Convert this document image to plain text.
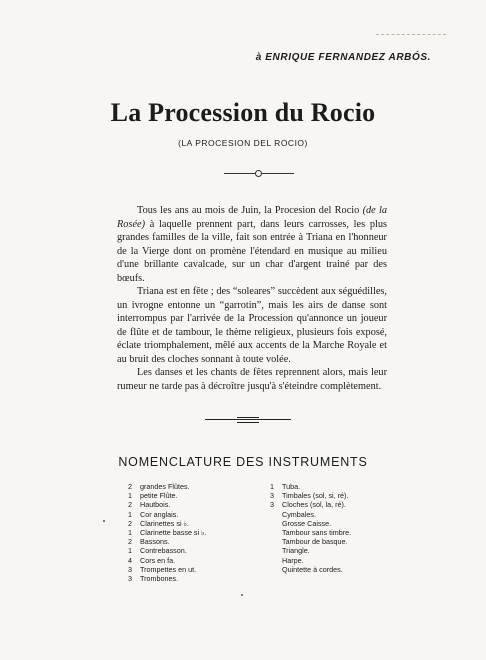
à ENRIQUE FERNANDEZ ARBÓS.
La Procession du Rocio
(LA PROCESION DEL ROCIO)

Tous les ans au mois de Juin, la Procesion del Rocio (de la Rosée) à laquelle prennent part, dans leurs carrosses, les plus grandes familles de la ville, fait son entrée à Triana en l'honneur de la Vierge dont on promène l'étendard en musique au milieu d'une brillante cavalcade, sur un char d'argent trainé par des bœufs.

Triana est en fête ; des “soleares” succèdent aux séguédilles, un ivrogne entonne un “garrotin”, mais les airs de danse sont interrompus par l'arrivée de la Procession qu'annonce un joueur de flûte et de tambour, le thème religieux, plusieurs fois exposé, éclate triomphalement, mêlé aux accents de la Marche Royale et au bruit des cloches sonnant à toute volée.

Les danses et les chants de fêtes reprennent alors, mais leur rumeur ne tarde pas à décroître jusqu'à s'éteindre complètement.

NOMENCLATURE DES INSTRUMENTS
2 grandes Flûtes.
1 petite Flûte.
2 Hautbois.
1 Cor anglais.
2 Clarinettes si ♭.
1 Clarinette basse si ♭.
2 Bassons.
1 Contrebasson.
4 Cors en fa.
3 Trompettes en ut.
3 Trombones.
1 Tuba.
3 Timbales (sol, si, ré).
3 Cloches (sol, la, ré).
Cymbales.
Grosse Caisse.
Tambour sans timbre.
Tambour de basque.
Triangle.
Harpe.
Quintette à cordes.
